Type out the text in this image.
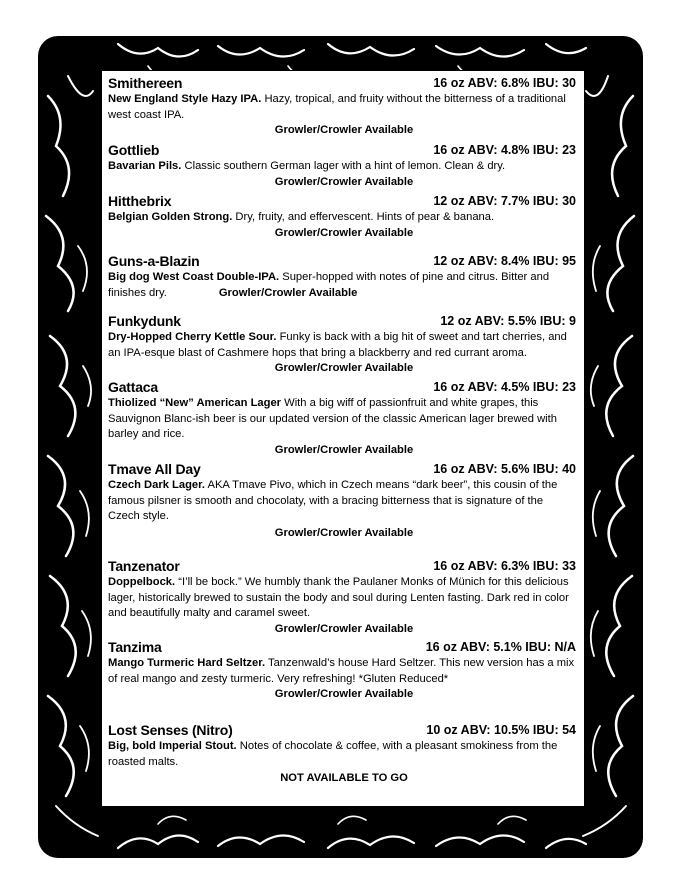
Smithereen	16 oz ABV: 6.8% IBU: 30
New England Style Hazy IPA. Hazy, tropical, and fruity without the bitterness of a traditional west coast IPA.
Growler/Crowler Available
Gottlieb	16 oz ABV: 4.8% IBU: 23
Bavarian Pils. Classic southern German lager with a hint of lemon. Clean & dry.
Growler/Crowler Available
Hitthebrix	12 oz ABV: 7.7% IBU: 30
Belgian Golden Strong. Dry, fruity, and effervescent. Hints of pear & banana.
Growler/Crowler Available
Guns-a-Blazin	12 oz ABV: 8.4% IBU: 95
Big dog West Coast Double-IPA. Super-hopped with notes of pine and citrus. Bitter and finishes dry.	Growler/Crowler Available
Funkydunk	12 oz ABV: 5.5% IBU: 9
Dry-Hopped Cherry Kettle Sour. Funky is back with a big hit of sweet and tart cherries, and an IPA-esque blast of Cashmere hops that bring a blackberry and red currant aroma.
Growler/Crowler Available
Gattaca	16 oz ABV: 4.5% IBU: 23
Thiolized “New” American Lager With a big wiff of passionfruit and white grapes, this Sauvignon Blanc-ish beer is our updated version of the classic American lager brewed with barley and rice.
Growler/Crowler Available
Tmave All Day	16 oz ABV: 5.6% IBU: 40
Czech Dark Lager. AKA Tmave Pivo, which in Czech means “dark beer”, this cousin of the famous pilsner is smooth and chocolaty, with a bracing bitterness that is signature of the Czech style.
Growler/Crowler Available
Tanzenator	16 oz ABV: 6.3% IBU: 33
Doppelbock. “I’ll be bock.” We humbly thank the Paulaner Monks of Münich for this delicious lager, historically brewed to sustain the body and soul during Lenten fasting. Dark red in color and beautifully malty and caramel sweet.
Growler/Crowler Available
Tanzima	16 oz ABV: 5.1% IBU: N/A
Mango Turmeric Hard Seltzer. Tanzenwald’s house Hard Seltzer. This new version has a mix of real mango and zesty turmeric. Very refreshing! *Gluten Reduced*
Growler/Crowler Available
Lost Senses (Nitro)	10 oz ABV: 10.5% IBU: 54
Big, bold Imperial Stout. Notes of chocolate & coffee, with a pleasant smokiness from the roasted malts.
NOT AVAILABLE TO GO
